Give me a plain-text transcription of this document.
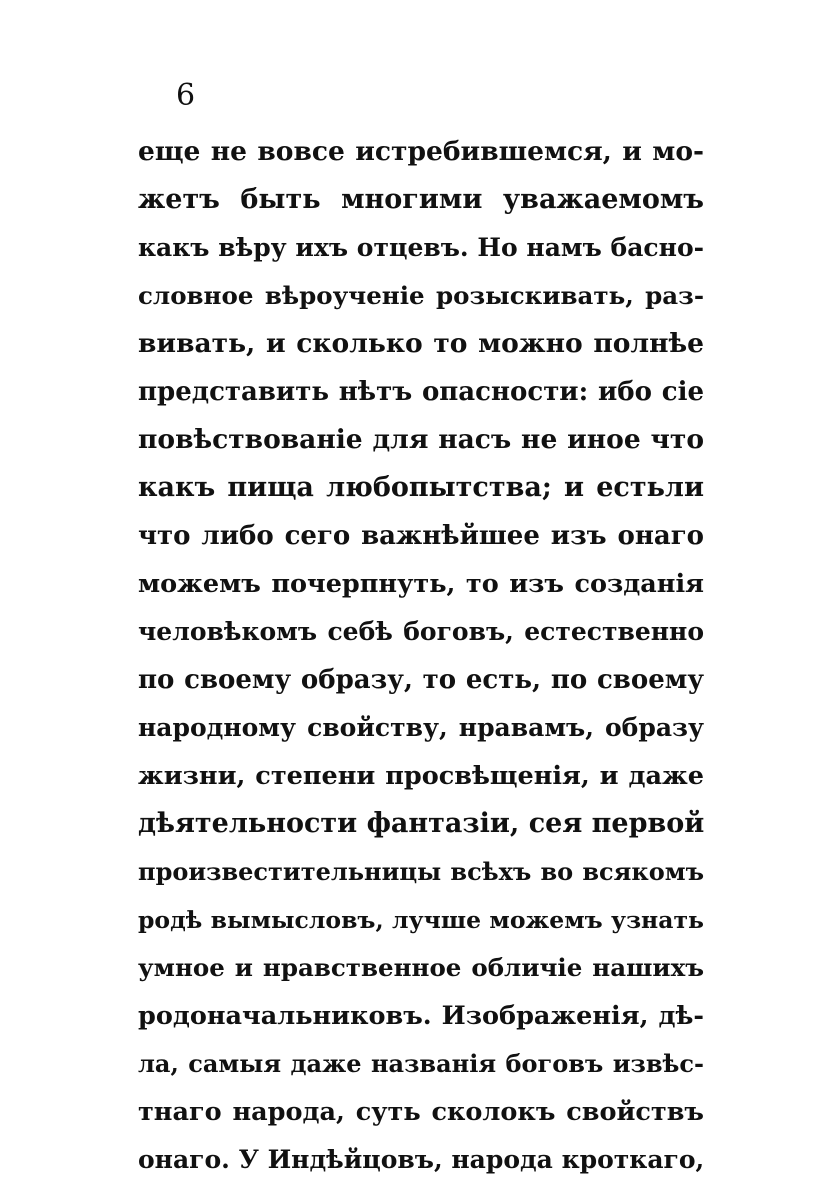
6
еще не вовсе истребившемся, и мо-
жетъ быть многими уважаемомъ
какъ вѣру ихъ отцевъ. Но намъ басно-
словное вѣроученіе розыскивать, раз-
вивать, и сколько то можно полнѣе
представить нѣтъ опасности: ибо сіе
повѣствованіе для насъ не иное что
какъ пища любопытства; и естьли
что либо сего важнѣйшее изъ онаго
можемъ почерпнуть, то изъ созданія
человѣкомъ себѣ боговъ, естественно
по своему образу, то есть, по своему
народному свойству, нравамъ, образу
жизни, степени просвѣщенія, и даже
дѣятельности фантазіи, сея первой
произвестительницы всѣхъ во всякомъ
родѣ вымысловъ, лучше можемъ узнать
умное и нравственное обличіе нашихъ
родоначальниковъ. Изображенія, дѣ-
ла, самыя даже названія боговъ извѣс-
тнаго народа, суть сколокъ свойствъ
онаго. У Индѣйцовъ, народа кроткаго,
